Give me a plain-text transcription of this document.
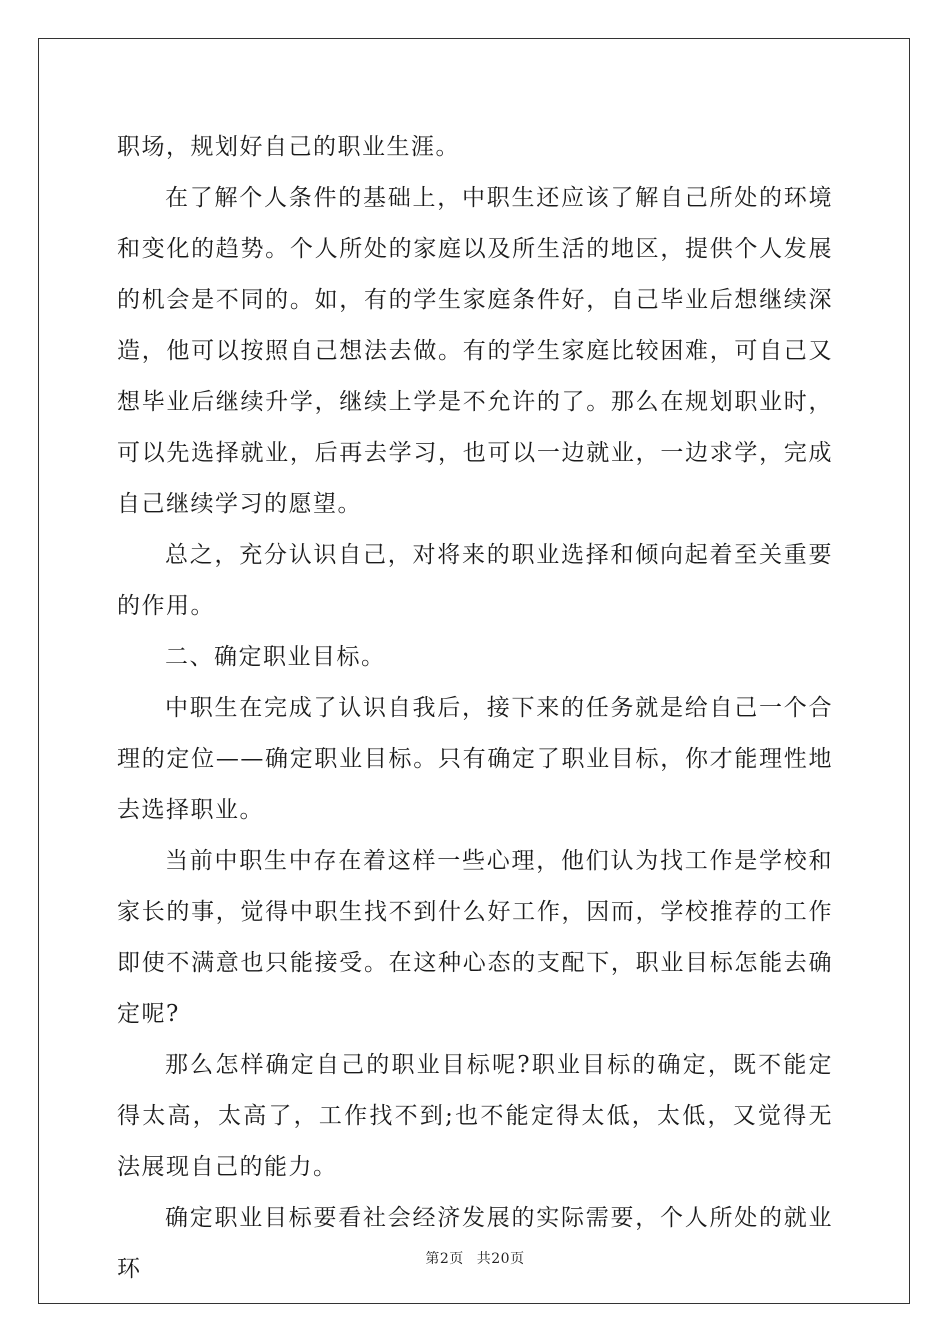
职场，规划好自己的职业生涯。

在了解个人条件的基础上，中职生还应该了解自己所处的环境和变化的趋势。个人所处的家庭以及所生活的地区，提供个人发展的机会是不同的。如，有的学生家庭条件好，自己毕业后想继续深造，他可以按照自己想法去做。有的学生家庭比较困难，可自己又想毕业后继续升学，继续上学是不允许的了。那么在规划职业时，可以先选择就业，后再去学习，也可以一边就业，一边求学，完成自己继续学习的愿望。

总之，充分认识自己，对将来的职业选择和倾向起着至关重要的作用。

二、确定职业目标。

中职生在完成了认识自我后，接下来的任务就是给自己一个合理的定位——确定职业目标。只有确定了职业目标，你才能理性地去选择职业。

当前中职生中存在着这样一些心理，他们认为找工作是学校和家长的事，觉得中职生找不到什么好工作，因而，学校推荐的工作即使不满意也只能接受。在这种心态的支配下，职业目标怎能去确定呢?

那么怎样确定自己的职业目标呢?职业目标的确定，既不能定得太高，太高了，工作找不到;也不能定得太低，太低，又觉得无法展现自己的能力。

确定职业目标要看社会经济发展的实际需要，个人所处的就业环	第2页 共20页
